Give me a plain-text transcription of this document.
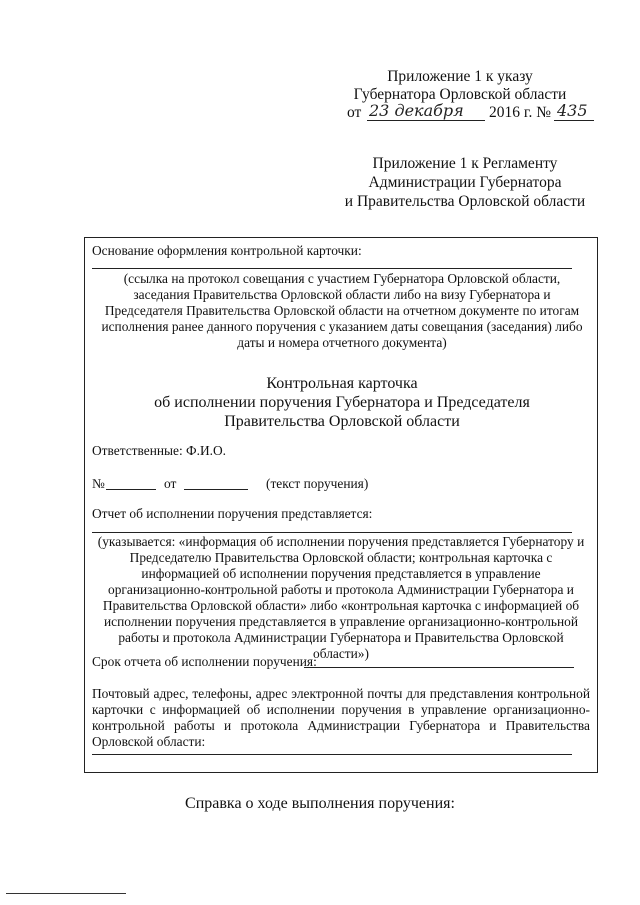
Приложение 1 к указу
Губернатора Орловской области
от 23 декабря 2016 г. № 435
Приложение 1 к Регламенту
Администрации Губернатора
и Правительства Орловской области
Основание оформления контрольной карточки:
(ссылка на протокол совещания с участием Губернатора Орловской области, заседания Правительства Орловской области либо на визу Губернатора и Председателя Правительства Орловской области на отчетном документе по итогам исполнения ранее данного поручения с указанием даты совещания (заседания) либо даты и номера отчетного документа)
Контрольная карточка
об исполнении поручения Губернатора и Председателя
Правительства Орловской области
Ответственные: Ф.И.О.
№	от	(текст поручения)
Отчет об исполнении поручения представляется:
(указывается: «информация об исполнении поручения представляется Губернатору и Председателю Правительства Орловской области; контрольная карточка с информацией об исполнении поручения представляется в управление организационно-контрольной работы и протокола Администрации Губернатора и Правительства Орловской области» либо «контрольная карточка с информацией об исполнении поручения представляется в управление организационно-контрольной работы и протокола Администрации Губернатора и Правительства Орловской области»)
Срок отчета об исполнении поручения:
Почтовый адрес, телефоны, адрес электронной почты для представления контрольной карточки с информацией об исполнении поручения в управление организационно-контрольной работы и протокола Администрации Губернатора и Правительства Орловской области:
Справка о ходе выполнения поручения:
